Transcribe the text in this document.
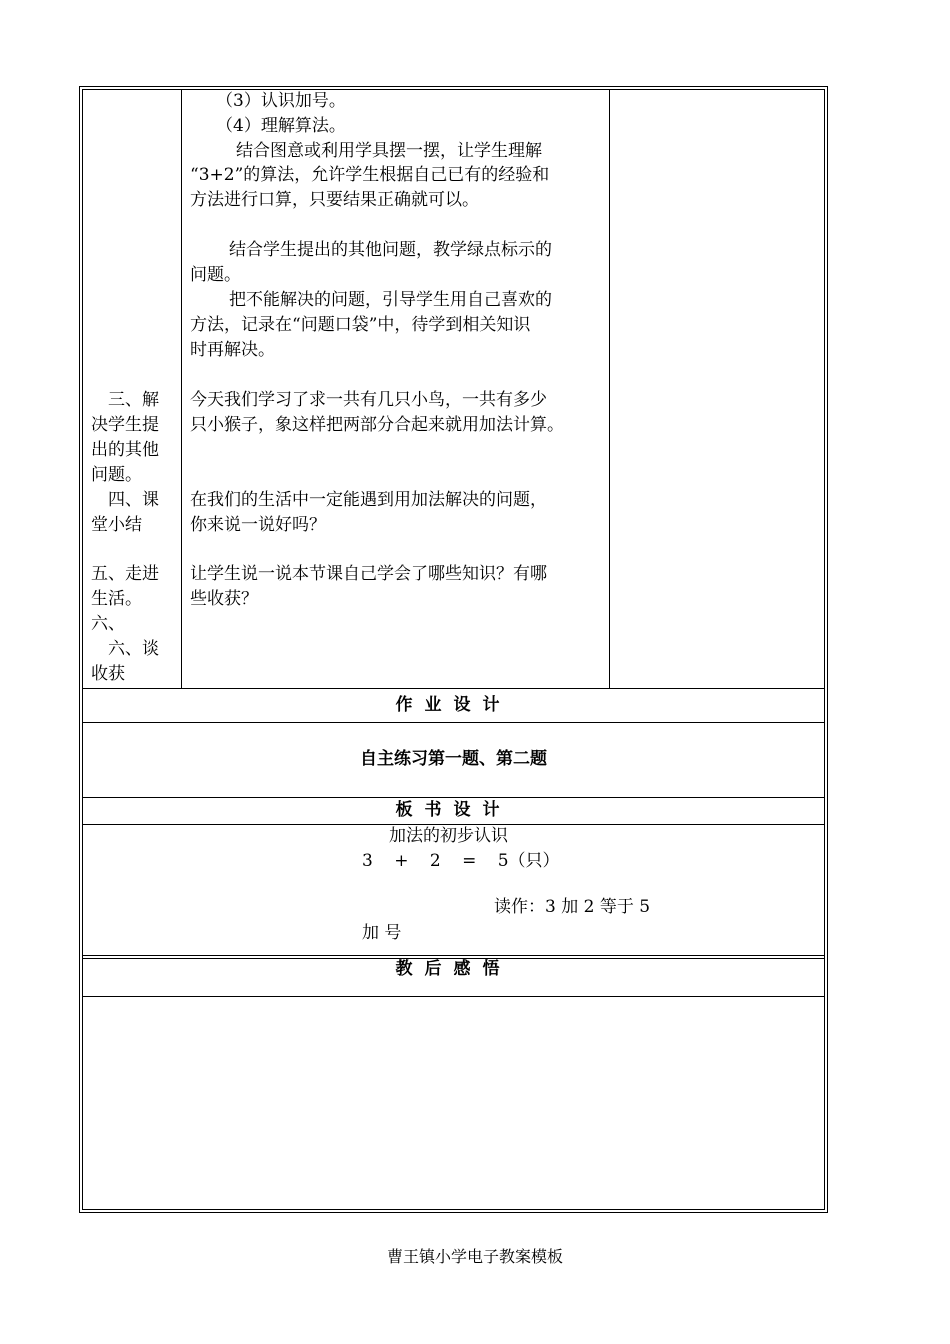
三、解
决学生提
出的其他
问题。
四、课
堂小结
五、走进
生活。
六、
六、谈
收获
（3）认识加号。
（4）理解算法。
结合图意或利用学具摆一摆，让学生理解
“3+2”的算法，允许学生根据自己已有的经验和
方法进行口算，只要结果正确就可以。
结合学生提出的其他问题，教学绿点标示的
问题。
把不能解决的问题，引导学生用自己喜欢的
方法，记录在“问题口袋”中，待学到相关知识
时再解决。
今天我们学习了求一共有几只小鸟，一共有多少
只小猴子，象这样把两部分合起来就用加法计算。
在我们的生活中一定能遇到用加法解决的问题，
你来说一说好吗？
让学生说一说本节课自己学会了哪些知识？有哪
些收获？
作业设计
自主练习第一题、第二题
板书设计
加法的初步认识
3 + 2 = 5（只）
读作：3 加 2 等于 5
加 号
教后感悟
曹王镇小学电子教案模板
